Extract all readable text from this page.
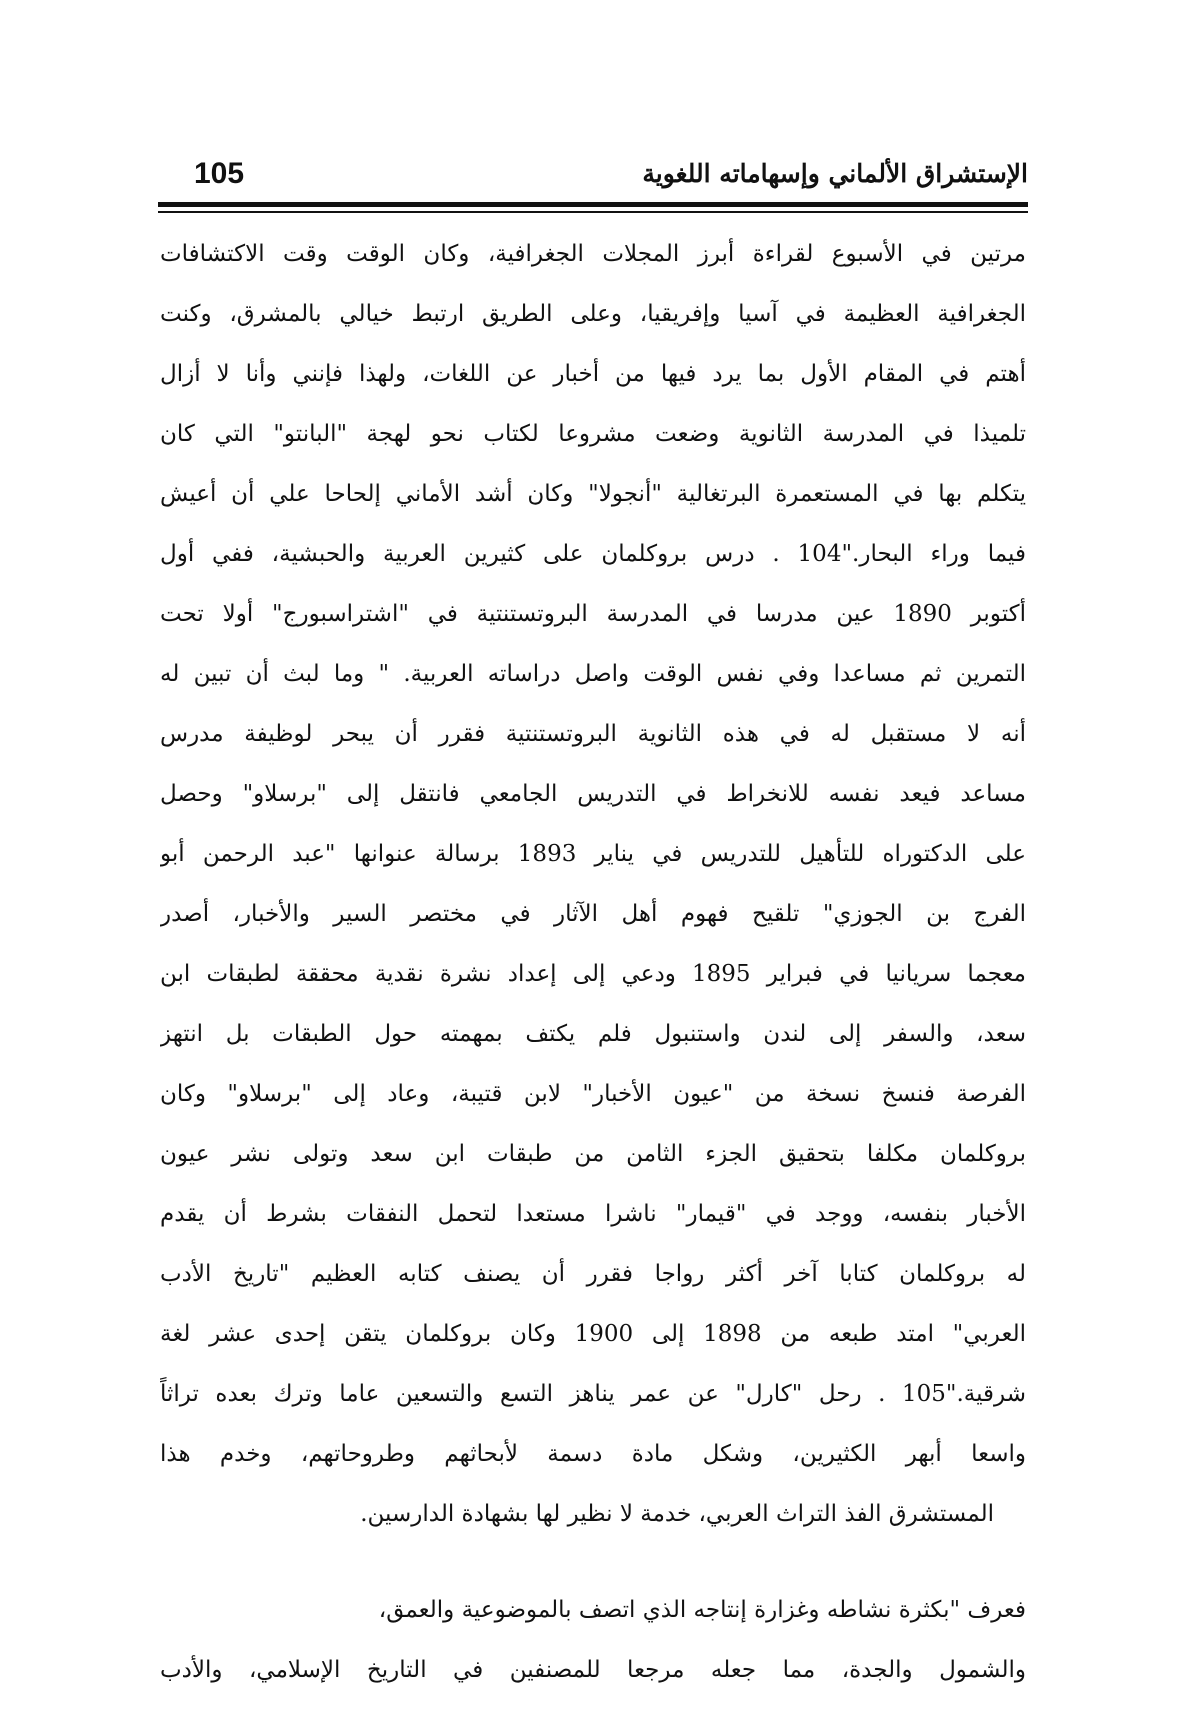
105	الإستشراق الألماني وإسهاماته اللغوية
مرتين في الأسبوع لقراءة أبرز المجلات الجغرافية، وكان الوقت وقت الاكتشافات
الجغرافية العظيمة في آسيا وإفريقيا، وعلى الطريق ارتبط خيالي بالمشرق، وكنت
أهتم في المقام الأول بما يرد فيها من أخبار عن اللغات، ولهذا فإنني وأنا لا أزال
تلميذا في المدرسة الثانوية وضعت مشروعا لكتاب نحو لهجة "البانتو" التي كان
يتكلم بها في المستعمرة البرتغالية "أنجولا" وكان أشد الأماني إلحاحا علي أن أعيش
فيما وراء البحار."104 . درس بروكلمان على كثيرين العربية والحبشية، ففي أول
أكتوبر 1890 عين مدرسا في المدرسة البروتستنتية في "اشتراسبورج" أولا تحت
التمرين ثم مساعدا وفي نفس الوقت واصل دراساته العربية. " وما لبث أن تبين له
أنه لا مستقبل له في هذه الثانوية البروتستنتية فقرر أن يبحر لوظيفة مدرس
مساعد فيعد نفسه للانخراط في التدريس الجامعي فانتقل إلى "برسلاو" وحصل
على الدكتوراه للتأهيل للتدريس في يناير 1893 برسالة عنوانها "عبد الرحمن أبو
الفرج بن الجوزي" تلقيح فهوم أهل الآثار في مختصر السير والأخبار، أصدر
معجما سريانيا في فبراير 1895 ودعي إلى إعداد نشرة نقدية محققة لطبقات ابن
سعد، والسفر إلى لندن واستنبول فلم يكتف بمهمته حول الطبقات بل انتهز
الفرصة فنسخ نسخة من "عيون الأخبار" لابن قتيبة، وعاد إلى "برسلاو" وكان
بروكلمان مكلفا بتحقيق الجزء الثامن من طبقات ابن سعد وتولى نشر عيون
الأخبار بنفسه، ووجد في "قيمار" ناشرا مستعدا لتحمل النفقات بشرط أن يقدم
له بروكلمان كتابا آخر أكثر رواجا فقرر أن يصنف كتابه العظيم "تاريخ الأدب
العربي" امتد طبعه من 1898 إلى 1900 وكان بروكلمان يتقن إحدى عشر لغة
شرقية."105 . رحل "كارل" عن عمر يناهز التسع والتسعين عاما وترك بعده تراثاً
واسعا أبهر الكثيرين، وشكل مادة دسمة لأبحاثهم وطروحاتهم، وخدم هذا
المستشرق الفذ التراث العربي، خدمة لا نظير لها بشهادة الدارسين.
فعرف "بكثرة نشاطه وغزارة إنتاجه الذي اتصف بالموضوعية والعمق،
والشمول والجدة، مما جعله مرجعا للمصنفين في التاريخ الإسلامي، والأدب
